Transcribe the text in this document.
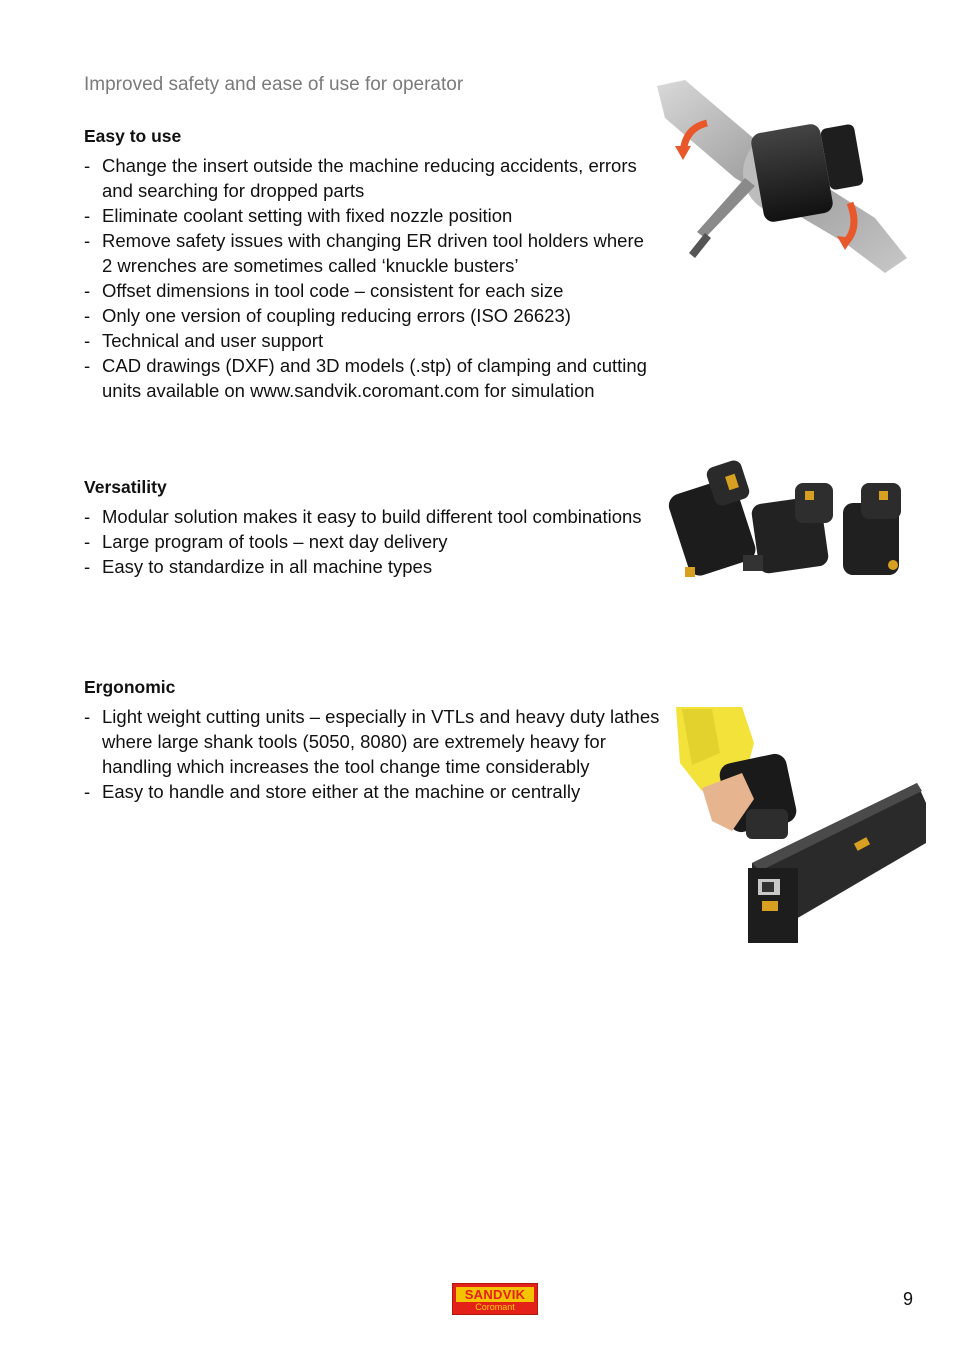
Improved safety and ease of use for operator
Easy to use
- Change the insert outside the machine reducing accidents, errors and searching for dropped parts
- Eliminate coolant setting with fixed nozzle position
- Remove safety issues with changing ER driven tool holders where 2 wrenches are sometimes called ‘knuckle busters’
- Offset dimensions in tool code – consistent for each size
- Only one version of coupling reducing errors (ISO 26623)
- Technical and user support
- CAD drawings (DXF) and 3D models (.stp) of clamping and cutting units available on www.sandvik.coromant.com for simulation
Versatility
- Modular solution makes it easy to build different tool combinations
- Large program of tools – next day delivery
- Easy to standardize in all machine types
Ergonomic
- Light weight cutting units – especially in VTLs and heavy duty lathes where large shank tools (5050, 8080) are extremely heavy for handling which increases the tool change time considerably
- Easy to handle and store either at the machine or centrally
SANDVIK
Coromant	9
